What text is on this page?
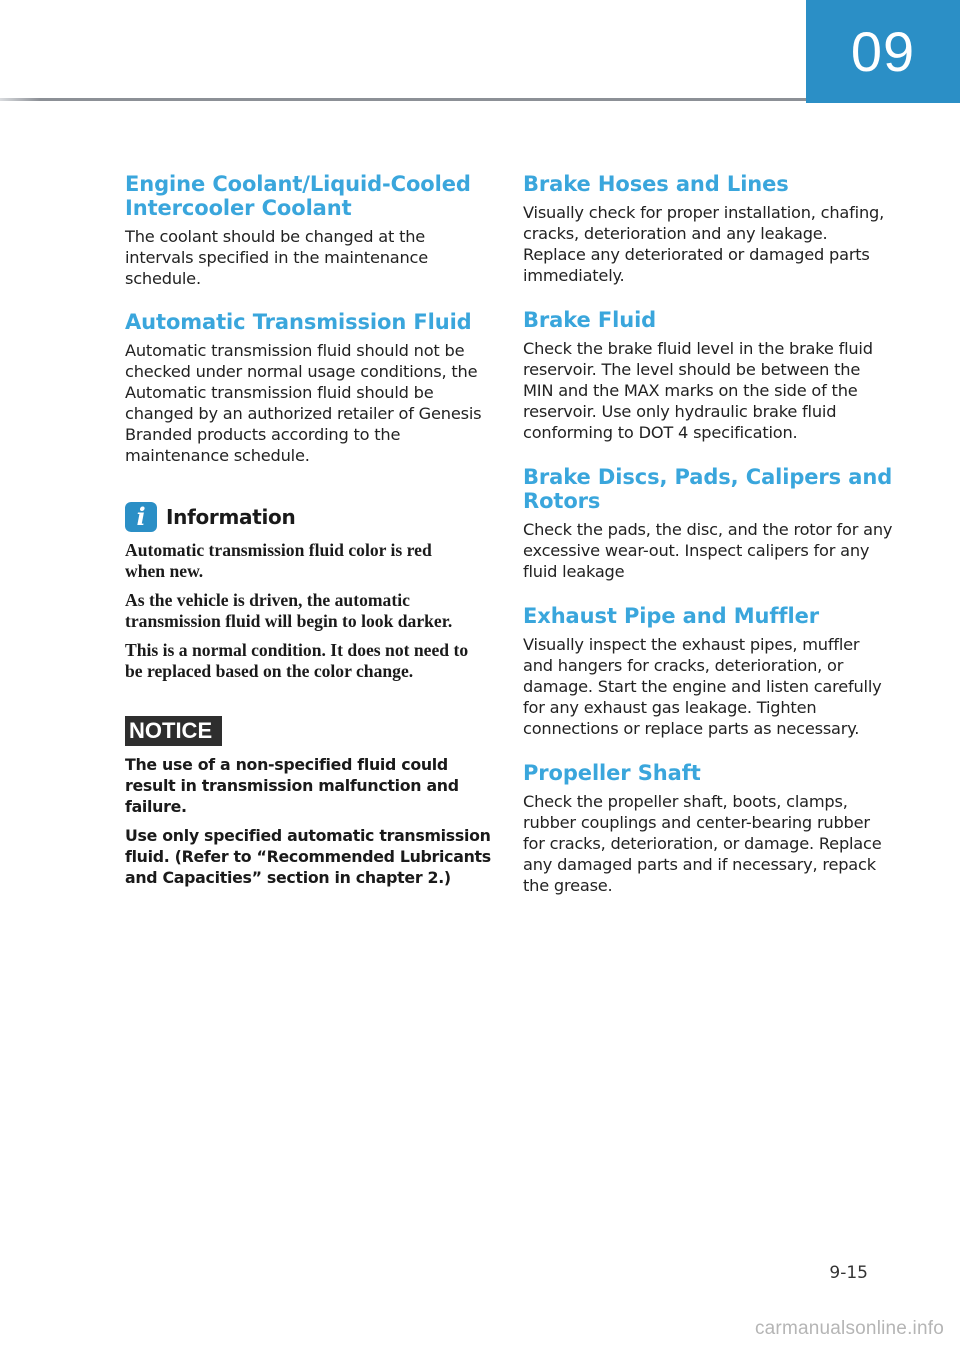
09
Engine Coolant/Liquid-Cooled Intercooler Coolant

The coolant should be changed at the intervals specified in the maintenance schedule.

Automatic Transmission Fluid

Automatic transmission fluid should not be checked under normal usage conditions, the Automatic transmission fluid should be changed by an authorized retailer of Genesis Branded products according to the maintenance schedule.

i	Information

Automatic transmission fluid color is red when new.

As the vehicle is driven, the automatic transmission fluid will begin to look darker.

This is a normal condition. It does not need to be replaced based on the color change.

NOTICE

The use of a non-specified fluid could result in transmission malfunction and failure.

Use only specified automatic transmission fluid. (Refer to “Recommended Lubricants and Capacities” section in chapter 2.)

Brake Hoses and Lines

Visually check for proper installation, chafing, cracks, deterioration and any leakage. Replace any deteriorated or damaged parts immediately.

Brake Fluid

Check the brake fluid level in the brake fluid reservoir. The level should be between the MIN and the MAX marks on the side of the reservoir. Use only hydraulic brake fluid conforming to DOT 4 specification.

Brake Discs, Pads, Calipers and Rotors

Check the pads, the disc, and the rotor for any excessive wear-out. Inspect calipers for any fluid leakage

Exhaust Pipe and Muffler

Visually inspect the exhaust pipes, muffler and hangers for cracks, deterioration, or damage. Start the engine and listen carefully for any exhaust gas leakage. Tighten connections or replace parts as necessary.

Propeller Shaft

Check the propeller shaft, boots, clamps, rubber couplings and center-bearing rubber for cracks, deterioration, or damage. Replace any damaged parts and if necessary, repack the grease.

9-15
carmanualsonline.info
